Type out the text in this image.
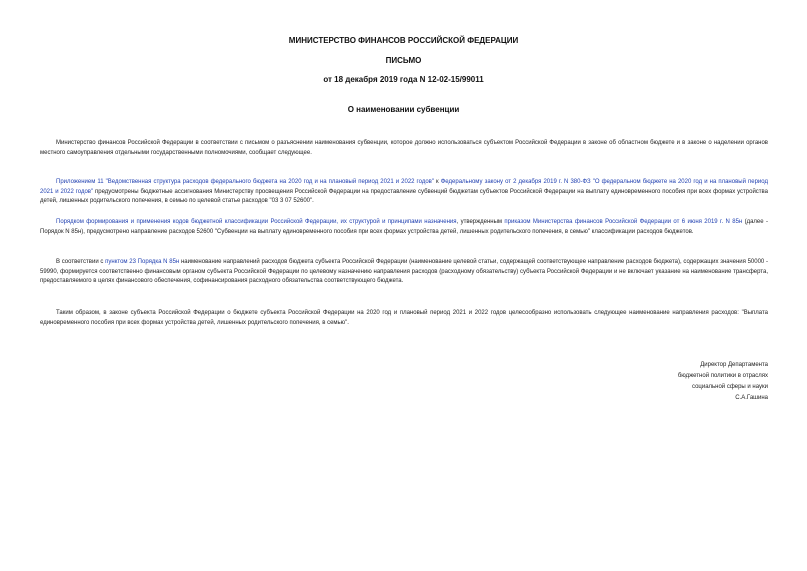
МИНИСТЕРСТВО ФИНАНСОВ РОССИЙСКОЙ ФЕДЕРАЦИИ
ПИСЬМО
от 18 декабря 2019 года N 12-02-15/99011
О наименовании субвенции
Министерство финансов Российской Федерации в соответствии с письмом о разъяснении наименования субвенции, которое должно использоваться субъектом Российской Федерации в законе об областном бюджете и в законе о наделении органов местного самоуправления отдельными государственными полномочиями, сообщает следующее.
Приложением 11 "Ведомственная структура расходов федерального бюджета на 2020 год и на плановый период 2021 и 2022 годов" к Федеральному закону от 2 декабря 2019 г. N 380-ФЗ "О федеральном бюджете на 2020 год и на плановый период 2021 и 2022 годов" предусмотрены бюджетные ассигнования Министерству просвещения Российской Федерации на предоставление субвенций бюджетам субъектов Российской Федерации на выплату единовременного пособия при всех формах устройства детей, лишенных родительского попечения, в семью по целевой статье расходов "03 3 07 52600".
Порядком формирования и применения кодов бюджетной классификации Российской Федерации, их структурой и принципами назначения, утвержденным приказом Министерства финансов Российской Федерации от 6 июня 2019 г. N 85н (далее - Порядок N 85н), предусмотрено направление расходов 52600 "Субвенции на выплату единовременного пособия при всех формах устройства детей, лишенных родительского попечения, в семью" классификации расходов бюджетов.
В соответствии с пунктом 23 Порядка N 85н наименование направлений расходов бюджета субъекта Российской Федерации (наименование целевой статьи, содержащей соответствующее направление расходов бюджета), содержащих значения 50000 - 59990, формируется соответственно финансовым органом субъекта Российской Федерации по целевому назначению направления расходов (расходному обязательству) субъекта Российской Федерации и не включает указание на наименование трансферта, предоставляемого в целях финансового обеспечения, софинансирования расходного обязательства соответствующего бюджета.
Таким образом, в законе субъекта Российской Федерации о бюджете субъекта Российской Федерации на 2020 год и плановый период 2021 и 2022 годов целесообразно использовать следующее наименование направления расходов: "Выплата единовременного пособия при всех формах устройства детей, лишенных родительского попечения, в семью".
Директор Департамента
бюджетной политики в отраслях
социальной сферы и науки
С.А.Гашина
